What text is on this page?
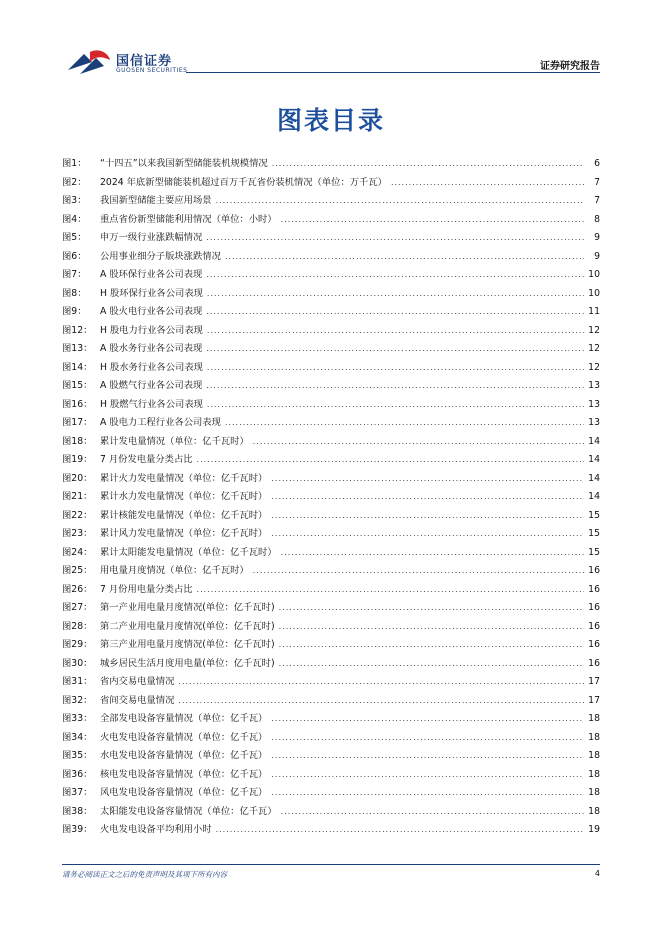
国信证券
GUOSEN SECURITIES	证券研究报告
图表目录
图1：	“十四五”以来我国新型储能装机规模情况 .....	6
图2：	2024 年底新型储能装机超过百万千瓦省份装机情况（单位：万千瓦） .....	7
图3：	我国新型储能主要应用场景 .....	7
图4：	重点省份新型储能利用情况（单位：小时） .....	8
图5：	申万一级行业涨跌幅情况 .....	9
图6：	公用事业细分子版块涨跌情况 .....	9
图7：	A 股环保行业各公司表现 .....	10
图8：	H 股环保行业各公司表现 .....	10
图9：	A 股火电行业各公司表现 .....	11
图12： H 股电力行业各公司表现 .....	12
图13： A 股水务行业各公司表现 .....	12
图14： H 股水务行业各公司表现 .....	12
图15： A 股燃气行业各公司表现 .....	13
图16： H 股燃气行业各公司表现 .....	13
图17： A 股电力工程行业各公司表现 .....	13
图18： 累计发电量情况（单位：亿千瓦时） .....	14
图19： 7 月份发电量分类占比 .....	14
图20： 累计火力发电量情况（单位：亿千瓦时） .....	14
图21： 累计水力发电量情况（单位：亿千瓦时） .....	14
图22： 累计核能发电量情况（单位：亿千瓦时） .....	15
图23： 累计风力发电量情况（单位：亿千瓦时） .....	15
图24： 累计太阳能发电量情况（单位：亿千瓦时） .....	15
图25： 用电量月度情况（单位：亿千瓦时） .....	16
图26： 7 月份用电量分类占比 .....	16
图27： 第一产业用电量月度情况(单位：亿千瓦时) .....	16
图28： 第二产业用电量月度情况(单位：亿千瓦时) .....	16
图29： 第三产业用电量月度情况(单位：亿千瓦时) .....	16
图30： 城乡居民生活月度用电量(单位：亿千瓦时) .....	16
图31： 省内交易电量情况 .....	17
图32： 省间交易电量情况 .....	17
图33： 全部发电设备容量情况（单位：亿千瓦） .....	18
图34： 火电发电设备容量情况（单位：亿千瓦） .....	18
图35： 水电发电设备容量情况（单位：亿千瓦） .....	18
图36： 核电发电设备容量情况（单位：亿千瓦） .....	18
图37： 风电发电设备容量情况（单位：亿千瓦） .....	18
图38： 太阳能发电设备容量情况（单位：亿千瓦） .....	18
图39： 火电发电设备平均利用小时 .....	19
请务必阅读正文之后的免责声明及其项下所有内容	4
